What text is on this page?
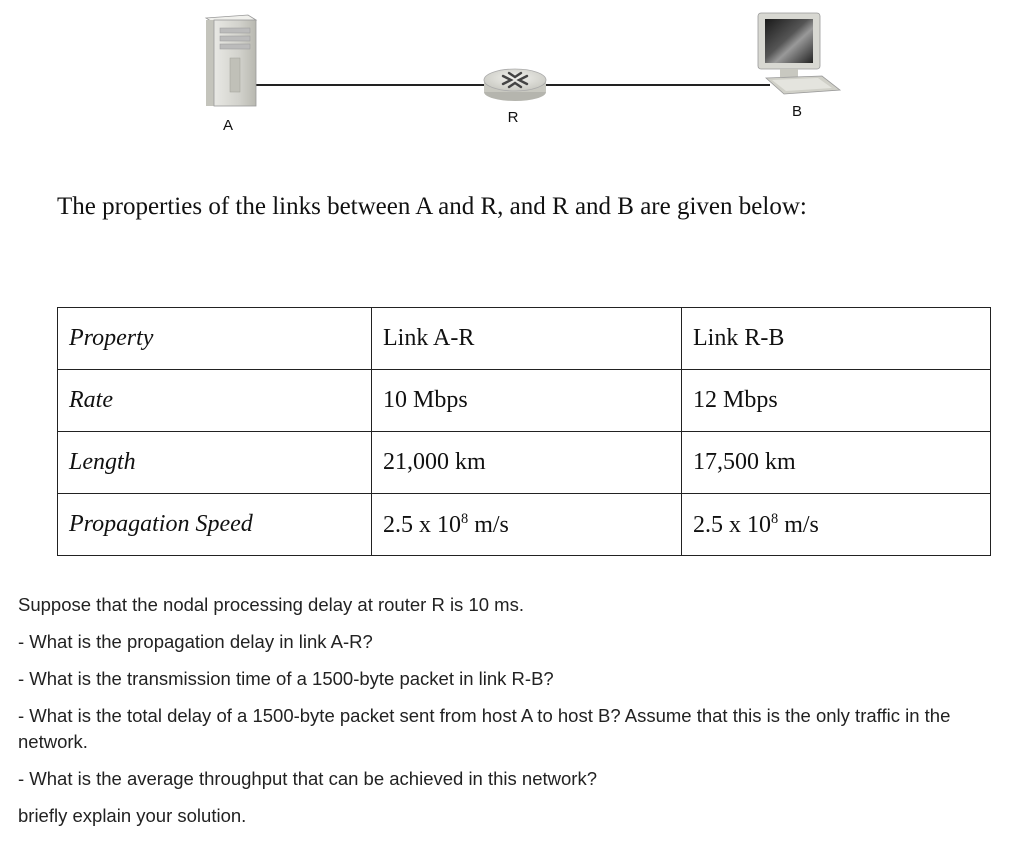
A	R	B
The properties of the links between A and R, and R and B are given below:
Property	Link A-R	Link R-B
Rate	10 Mbps	12 Mbps
Length	21,000 km	17,500 km
Propagation Speed	2.5 x $10^8$ m/s	2.5 x $10^8$ m/s

Suppose that the nodal processing delay at router R is 10 ms.

- What is the propagation delay in link A-R?

- What is the transmission time of a 1500-byte packet in link R-B?

- What is the total delay of a 1500-byte packet sent from host A to host B? Assume that this is the only traffic in the network.

- What is the average throughput that can be achieved in this network?

briefly explain your solution.
